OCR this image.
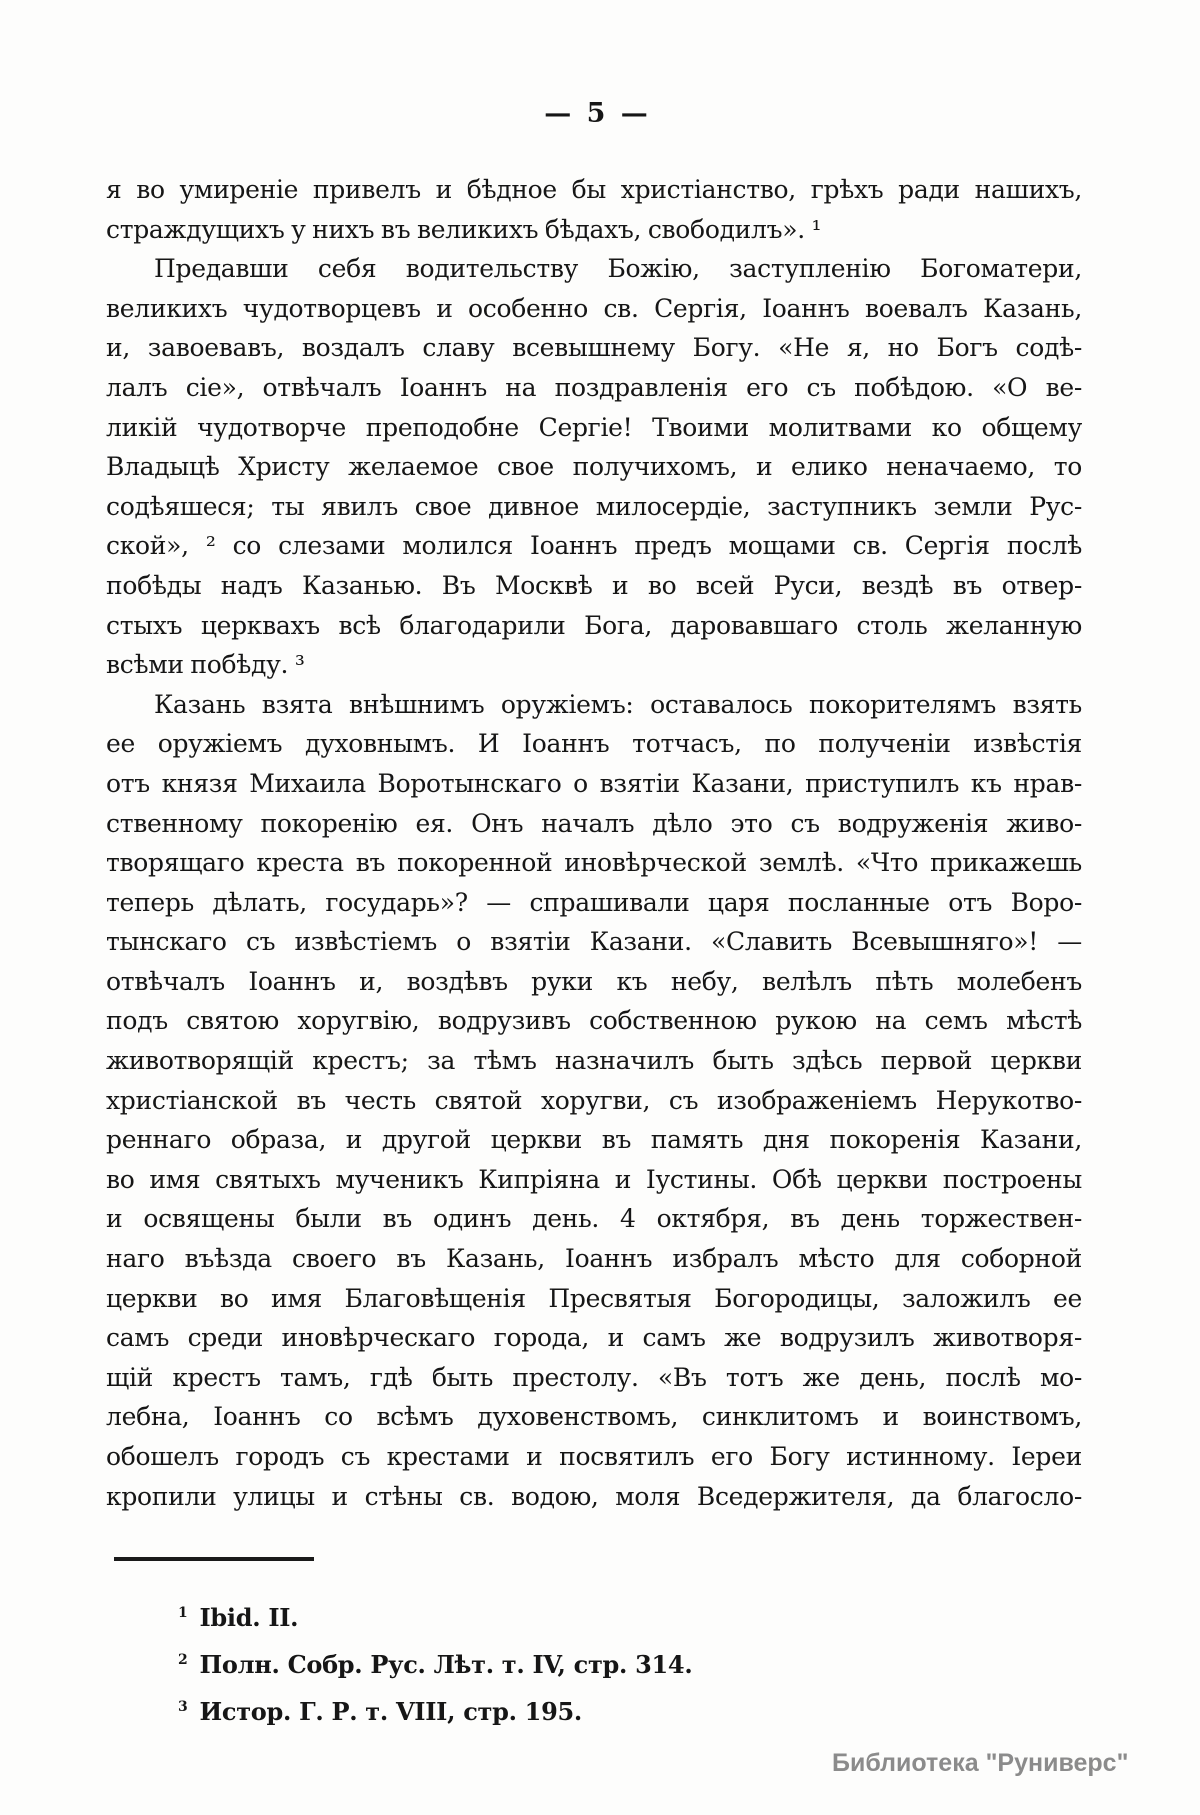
— 5 —
я во умиреніе привелъ и бѣдное бы христіанство, грѣхъ ради нашихъ,
страждущихъ у нихъ въ великихъ бѣдахъ, свободилъ». ¹
Предавши себя водительству Божію, заступленію Богоматери,
великихъ чудотворцевъ и особенно св. Сергія, Іоаннъ воевалъ Казань,
и, завоевавъ, воздалъ славу всевышнему Богу. «Не я, но Богъ содѣ-
лалъ сіе», отвѣчалъ Іоаннъ на поздравленія его съ побѣдою. «О ве-
ликій чудотворче преподобне Сергіе! Твоими молитвами ко общему
Владыцѣ Христу желаемое свое получихомъ, и елико неначаемо, то
содѣяшеся; ты явилъ свое дивное милосердіе, заступникъ земли Рус-
ской», ² со слезами молился Іоаннъ предъ мощами св. Сергія послѣ
побѣды надъ Казанью. Въ Москвѣ и во всей Руси, вездѣ въ отвер-
стыхъ церквахъ всѣ благодарили Бога, даровавшаго столь желанную
всѣми побѣду. ³
Казань взята внѣшнимъ оружіемъ: оставалось покорителямъ взять
ее оружіемъ духовнымъ. И Іоаннъ тотчасъ, по полученіи извѣстія
отъ князя Михаила Воротынскаго о взятіи Казани, приступилъ къ нрав-
ственному покоренію ея. Онъ началъ дѣло это съ водруженія живо-
творящаго креста въ покоренной иновѣрческой землѣ. «Что прикажешь
теперь дѣлать, государь»? — спрашивали царя посланные отъ Воро-
тынскаго съ извѣстіемъ о взятіи Казани. «Славить Всевышняго»! —
отвѣчалъ Іоаннъ и, воздѣвъ руки къ небу, велѣлъ пѣть молебенъ
подъ святою хоругвію, водрузивъ собственною рукою на семъ мѣстѣ
животворящій крестъ; за тѣмъ назначилъ быть здѣсь первой церкви
христіанской въ честь святой хоругви, съ изображеніемъ Нерукотво-
реннаго образа, и другой церкви въ память дня покоренія Казани,
во имя святыхъ мученикъ Кипріяна и Іустины. Обѣ церкви построены
и освящены были въ одинъ день. 4 октября, въ день торжествен-
наго въѣзда своего въ Казань, Іоаннъ избралъ мѣсто для соборной
церкви во имя Благовѣщенія Пресвятыя Богородицы, заложилъ ее
самъ среди иновѣрческаго города, и самъ же водрузилъ животворя-
щій крестъ тамъ, гдѣ быть престолу. «Въ тотъ же день, послѣ мо-
лебна, Іоаннъ со всѣмъ духовенствомъ, синклитомъ и воинствомъ,
обошелъ городъ съ крестами и посвятилъ его Богу истинному. Іереи
кропили улицы и стѣны св. водою, моля Вседержителя, да благосло-
$^1$ Ibid. II.
$^2$ Полн. Собр. Рус. Лѣт. т. IV, стр. 314.
$^3$ Истор. Г. Р. т. VIII, стр. 195.
Библиотека "Руниверс"
